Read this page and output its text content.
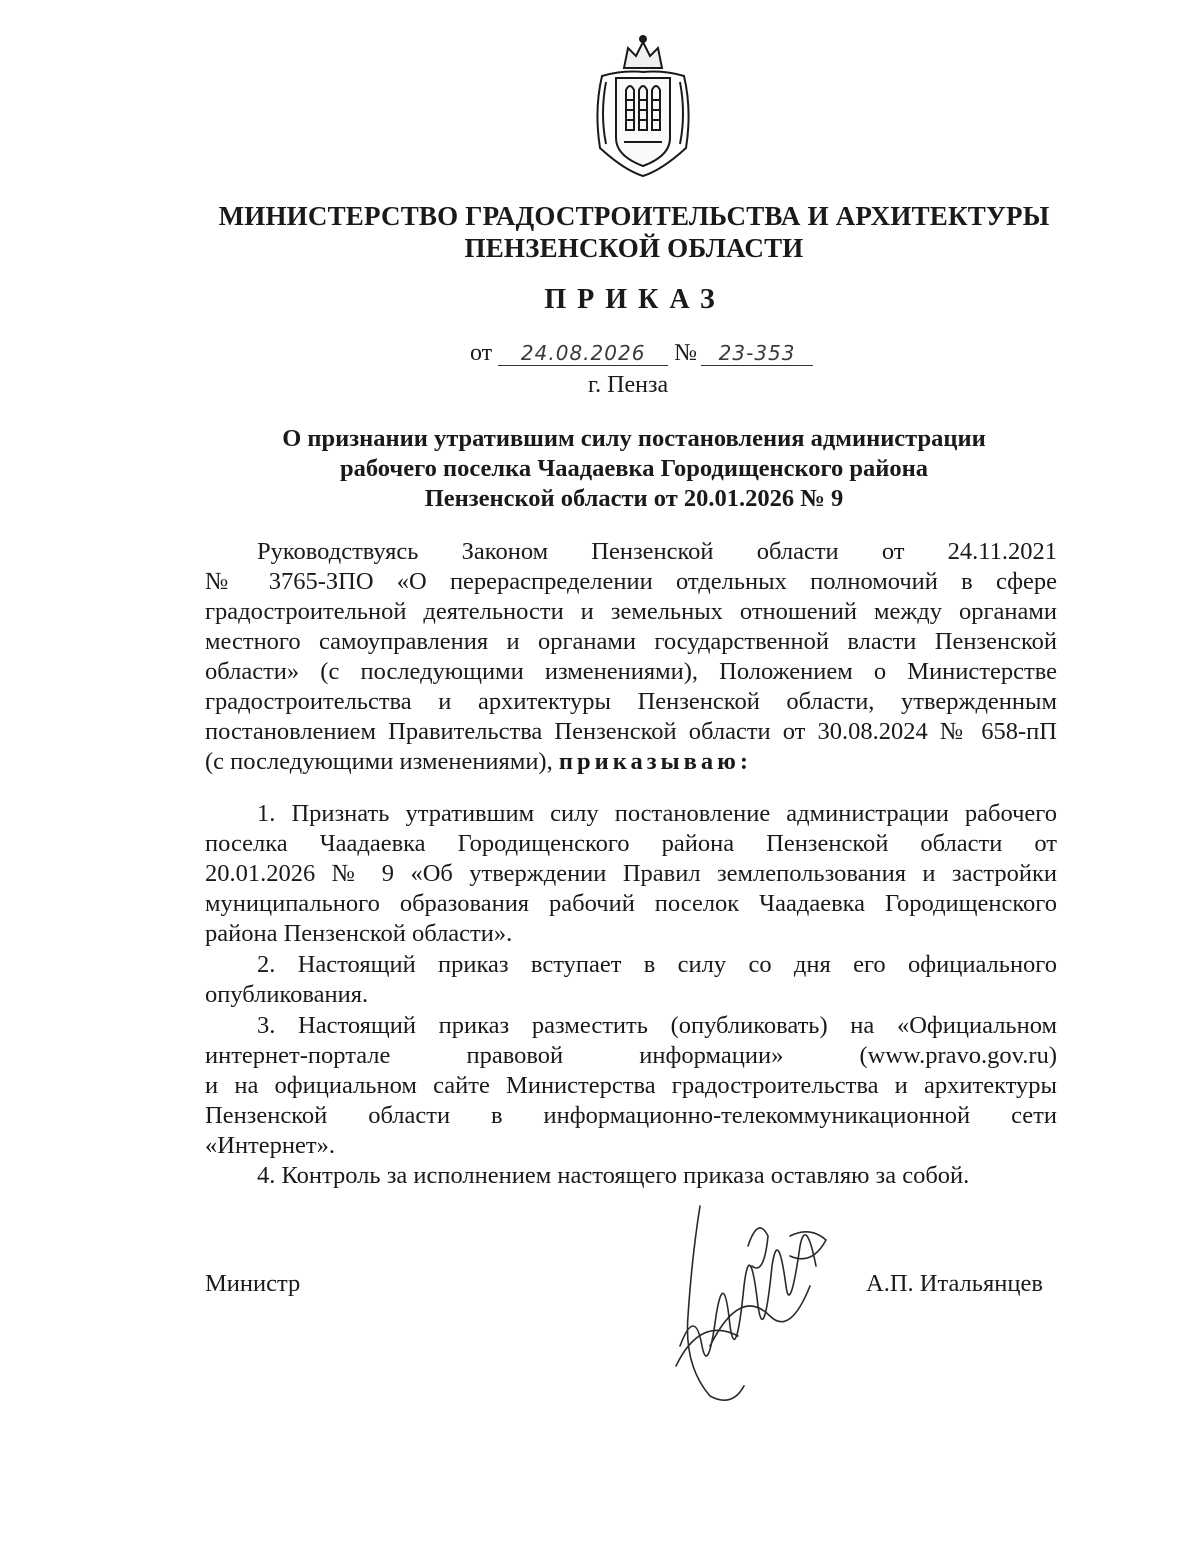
МИНИСТЕРСТВО ГРАДОСТРОИТЕЛЬСТВА И АРХИТЕКТУРЫ
ПЕНЗЕНСКОЙ ОБЛАСТИ
ПРИКАЗ
от 24.08.2026 № 23-353
г. Пенза
О признании утратившим силу постановления администрации
рабочего поселка Чаадаевка Городищенского района
Пензенской области от 20.01.2026 № 9
Руководствуясь Законом Пензенской области от 24.11.2021
№ 3765-ЗПО «О перераспределении отдельных полномочий в сфере
градостроительной деятельности и земельных отношений между органами
местного самоуправления и органами государственной власти Пензенской
области» (с последующими изменениями), Положением о Министерстве
градостроительства и архитектуры Пензенской области, утвержденным
постановлением Правительства Пензенской области от 30.08.2024 № 658-пП
(с последующими изменениями), приказываю:
1. Признать утратившим силу постановление администрации рабочего
поселка Чаадаевка Городищенского района Пензенской области от
20.01.2026 № 9 «Об утверждении Правил землепользования и застройки
муниципального образования рабочий поселок Чаадаевка Городищенского
района Пензенской области».
2. Настоящий приказ вступает в силу со дня его официального
опубликования.
3. Настоящий приказ разместить (опубликовать) на «Официальном
интернет-портале правовой информации» (www.pravo.gov.ru)
и на официальном сайте Министерства градостроительства и архитектуры
Пензенской области в информационно-телекоммуникационной сети
«Интернет».
4. Контроль за исполнением настоящего приказа оставляю за собой.
Министр	А.П. Итальянцев
